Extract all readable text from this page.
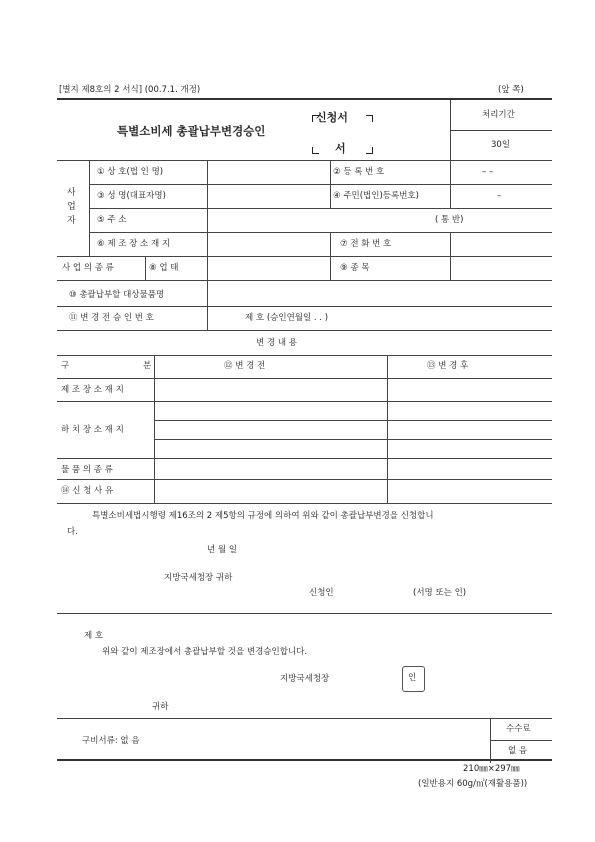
[별지 제8호의 2 서식] (00.7.1. 개정)	(앞 쪽)
특별소비세 총괄납부변경승인
신청서
서
처리기간
30일
사
업
자
① 상 호(법 인 명)	② 등 록 번 호	– –
③ 성 명(대표자명)	④ 주민(법인)등록번호)	–
⑤ 주 소	( 통 반)
⑥ 제 조 장 소 재 지	⑦ 전 화 번 호
사 업 의 종 류	⑧ 업 태	⑨ 종 목
⑩ 총괄납부할 대상물품명
⑪ 변 경 전 승 인 번 호	제 호 (승인연월일 . . )
변 경 내 용
구	분	⑫ 변 경 전	⑬ 변 경 후
제 조 장 소 재 지
하 치 장 소 재 지
물 품 의 종 류
⑭ 신 청 사 유
특별소비세법시행령 제16조의 2 제5항의 규정에 의하여 위와 같이 총괄납부변경을 신청합니
다.
년 월 일
지방국세청장 귀하
신청인	(서명 또는 인)
제 호
위와 같이 제조장에서 총괄납부할 것을 변경승인합니다.
지방국세청장	인
귀하
구비서류: 없 음
수수료
없 음
210㎜×297㎜
(일반용지 60g/㎡(재활용품))
